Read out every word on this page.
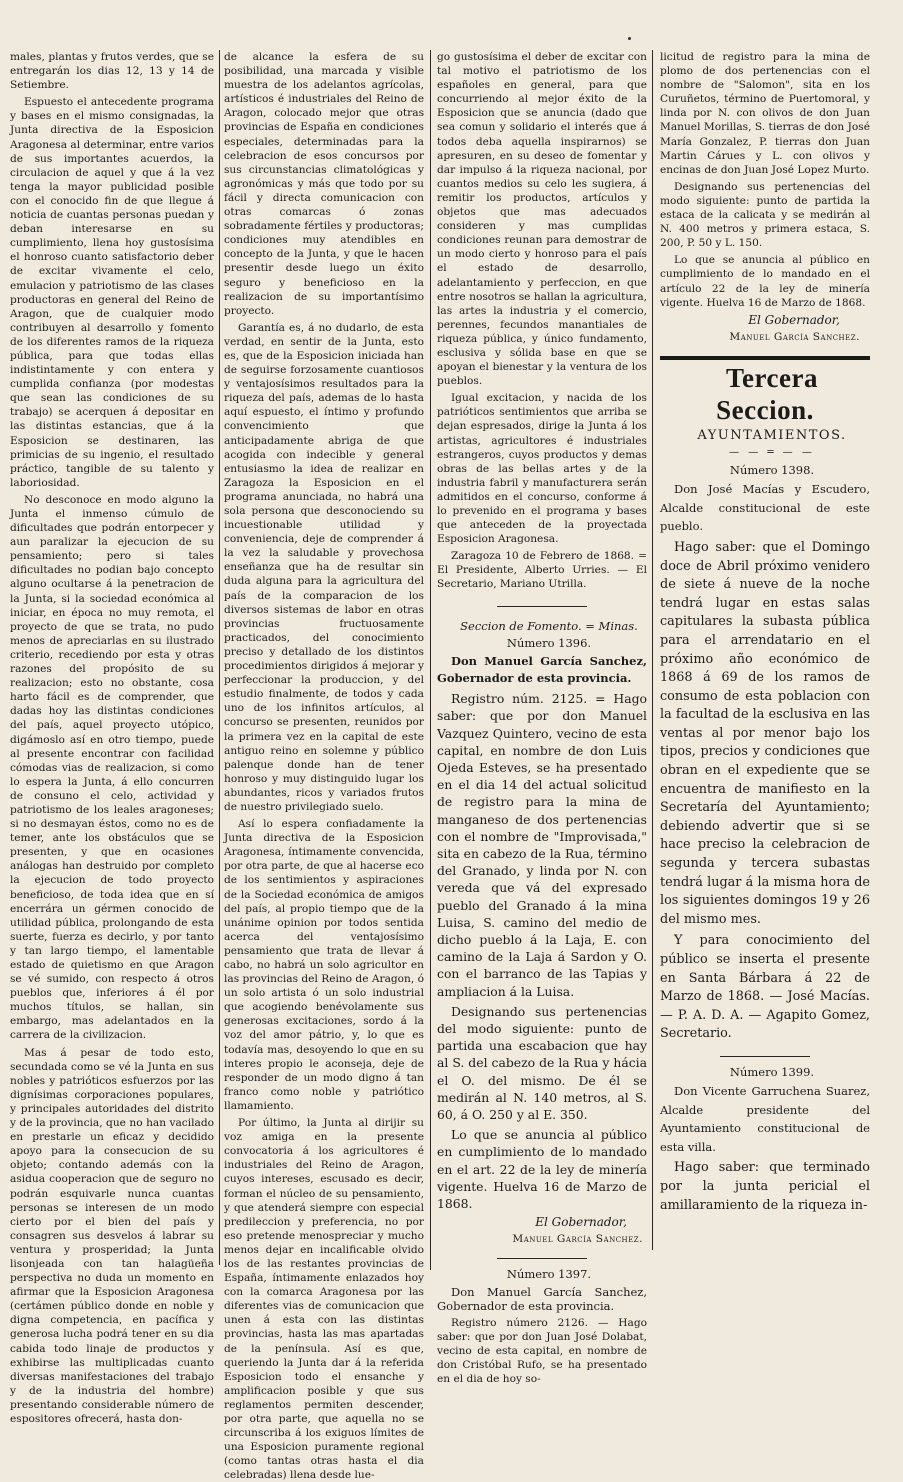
males, plantas y frutos verdes, que se entregarán los dias 12, 13 y 14 de Setiembre.

Espuesto el antecedente programa y bases en el mismo consignadas, la Junta directiva de la Esposicion Aragonesa al determinar, entre varios de sus importantes acuerdos, la circulacion de aquel y que á la vez tenga la mayor publicidad posible con el conocido fin de que llegue á noticia de cuantas personas puedan y deban interesarse en su cumplimiento, llena hoy gustosísima el honroso cuanto satisfactorio deber de excitar vivamente el celo, emulacion y patriotismo de las clases productoras en general del Reino de Aragon, que de cualquier modo contribuyen al desarrollo y fomento de los diferentes ramos de la riqueza pública, para que todas ellas indistintamente y con entera y cumplida confianza (por modestas que sean las condiciones de su trabajo) se acerquen á depositar en las distintas estancias, que á la Esposicion se destinaren, las primicias de su ingenio, el resultado práctico, tangible de su talento y laboriosidad.

No desconoce en modo alguno la Junta el inmenso cúmulo de dificultades que podrán entorpecer y aun paralizar la ejecucion de su pensamiento; pero si tales dificultades no podian bajo concepto alguno ocultarse á la penetracion de la Junta, si la sociedad económica al iniciar, en época no muy remota, el proyecto de que se trata, no pudo menos de apreciarlas en su ilustrado criterio, recediendo por esta y otras razones del propósito de su realizacion; esto no obstante, cosa harto fácil es de comprender, que dadas hoy las distintas condiciones del país, aquel proyecto utópico, digámoslo así en otro tiempo, puede al presente encontrar con facilidad cómodas vias de realizacion, si como lo espera la Junta, á ello concurren de consuno el celo, actividad y patriotismo de los leales aragoneses; si no desmayan éstos, como no es de temer, ante los obstáculos que se presenten, y que en ocasiones análogas han destruido por completo la ejecucion de todo proyecto beneficioso, de toda idea que en sí encerrára un gérmen conocido de utilidad pública, prolongando de esta suerte, fuerza es decirlo, y por tanto y tan largo tiempo, el lamentable estado de quietismo en que Aragon se vé sumido, con respecto á otros pueblos que, inferiores á él por muchos títulos, se hallan, sin embargo, mas adelantados en la carrera de la civilizacion.

Mas á pesar de todo esto, secundada como se vé la Junta en sus nobles y patrióticos esfuerzos por las dignísimas corporaciones populares, y principales autoridades del distrito y de la provincia, que no han vacilado en prestarle un eficaz y decidido apoyo para la consecucion de su objeto; contando además con la asidua cooperacion que de seguro no podrán esquivarle nunca cuantas personas se interesen de un modo cierto por el bien del país y consagren sus desvelos á labrar su ventura y prosperidad; la Junta lisonjeada con tan halagüeña perspectiva no duda un momento en afirmar que la Esposicion Aragonesa (certámen público donde en noble y digna competencia, en pacífica y generosa lucha podrá tener en su dia cabida todo linaje de productos y exhibirse las multiplicadas cuanto diversas manifestaciones del trabajo y de la industria del hombre) presentando considerable número de espositores ofrecerá, hasta don-

de alcance la esfera de su posibilidad, una marcada y visible muestra de los adelantos agrícolas, artísticos é industriales del Reino de Aragon, colocado mejor que otras provincias de España en condiciones especiales, determinadas para la celebracion de esos concursos por sus circunstancias climatológicas y agronómicas y más que todo por su fácil y directa comunicacion con otras comarcas ó zonas sobradamente fértiles y productoras; condiciones muy atendibles en concepto de la Junta, y que le hacen presentir desde luego un éxito seguro y beneficioso en la realizacion de su importantísimo proyecto.

Garantía es, á no dudarlo, de esta verdad, en sentir de la Junta, esto es, que de la Esposicion iniciada han de seguirse forzosamente cuantiosos y ventajosísimos resultados para la riqueza del país, ademas de lo hasta aquí espuesto, el íntimo y profundo convencimiento que anticipadamente abriga de que acogida con indecible y general entusiasmo la idea de realizar en Zaragoza la Esposicion en el programa anunciada, no habrá una sola persona que desconociendo su incuestionable utilidad y conveniencia, deje de comprender á la vez la saludable y provechosa enseñanza que ha de resultar sin duda alguna para la agricultura del país de la comparacion de los diversos sistemas de labor en otras provincias fructuosamente practicados, del conocimiento preciso y detallado de los distintos procedimientos dirigidos á mejorar y perfeccionar la produccion, y del estudio finalmente, de todos y cada uno de los infinitos artículos, al concurso se presenten, reunidos por la primera vez en la capital de este antiguo reino en solemne y público palenque donde han de tener honroso y muy distinguido lugar los abundantes, ricos y variados frutos de nuestro privilegiado suelo.

Así lo espera confiadamente la Junta directiva de la Esposicion Aragonesa, íntimamente convencida, por otra parte, de que al hacerse eco de los sentimientos y aspiraciones de la Sociedad económica de amigos del país, al propio tiempo que de la unánime opinion por todos sentida acerca del ventajosísimo pensamiento que trata de llevar á cabo, no habrá un solo agricultor en las provincias del Reino de Aragon, ó un solo artista ó un solo industrial que acogiendo benévolamente sus generosas excitaciones, sordo á la voz del amor pátrio, y, lo que es todavía mas, desoyendo lo que en su interes propio le aconseja, deje de responder de un modo digno á tan franco como noble y patriótico llamamiento.

Por último, la Junta al dirijir su voz amiga en la presente convocatoria á los agricultores é industriales del Reino de Aragon, cuyos intereses, escusado es decir, forman el núcleo de su pensamiento, y que atenderá siempre con especial predileccion y preferencia, no por eso pretende menospreciar y mucho menos dejar en incalificable olvido los de las restantes provincias de España, íntimamente enlazados hoy con la comarca Aragonesa por las diferentes vias de comunicacion que unen á esta con las distintas provincias, hasta las mas apartadas de la península. Así es que, queriendo la Junta dar á la referida Esposicion todo el ensanche y amplificacion posible y que sus reglamentos permiten descender, por otra parte, que aquella no se circunscriba á los exiguos límites de una Esposicion puramente regional (como tantas otras hasta el dia celebradas) llena desde lue-

go gustosísima el deber de excitar con tal motivo el patriotismo de los españoles en general, para que concurriendo al mejor éxito de la Esposicion que se anuncia (dado que sea comun y solidario el interés que á todos deba aquella inspirarnos) se apresuren, en su deseo de fomentar y dar impulso á la riqueza nacional, por cuantos medios su celo les sugiera, á remitir los productos, artículos y objetos que mas adecuados consideren y mas cumplidas condiciones reunan para demostrar de un modo cierto y honroso para el país el estado de desarrollo, adelantamiento y perfeccion, en que entre nosotros se hallan la agricultura, las artes la industria y el comercio, perennes, fecundos manantiales de riqueza pública, y único fundamento, esclusiva y sólida base en que se apoyan el bienestar y la ventura de los pueblos.

Igual excitacion, y nacida de los patrióticos sentimientos que arriba se dejan espresados, dirige la Junta á los artistas, agricultores é industriales estrangeros, cuyos productos y demas obras de las bellas artes y de la industria fabril y manufacturera serán admitidos en el concurso, conforme á lo prevenido en el programa y bases que anteceden de la proyectada Esposicion Aragonesa.

Zaragoza 10 de Febrero de 1868. = El Presidente, Alberto Urries. — El Secretario, Mariano Utrilla.

Seccion de Fomento. = Minas.

Número 1396.

Don Manuel García Sanchez, Gobernador de esta provincia.

Registro núm. 2125. = Hago saber: que por don Manuel Vazquez Quintero, vecino de esta capital, en nombre de don Luis Ojeda Esteves, se ha presentado en el dia 14 del actual solicitud de registro para la mina de manganeso de dos pertenencias con el nombre de "Improvisada," sita en cabezo de la Rua, término del Granado, y linda por N. con vereda que vá del expresado pueblo del Granado á la mina Luisa, S. camino del medio de dicho pueblo á la Laja, E. con camino de la Laja á Sardon y O. con el barranco de las Tapias y ampliacion á la Luisa.

Designando sus pertenencias del modo siguiente: punto de partida una escabacion que hay al S. del cabezo de la Rua y hácia el O. del mismo. De él se medirán al N. 140 metros, al S. 60, á O. 250 y al E. 350.

Lo que se anuncia al público en cumplimiento de lo mandado en el art. 22 de la ley de minería vigente. Huelva 16 de Marzo de 1868.

El Gobernador,

Manuel García Sanchez.

Número 1397.

Don Manuel García Sanchez, Gobernador de esta provincia.

Registro número 2126. — Hago saber: que por don Juan José Dolabat, vecino de esta capital, en nombre de don Cristóbal Rufo, se ha presentado en el dia de hoy so-

licitud de registro para la mina de plomo de dos pertenencias con el nombre de "Salomon", sita en los Curuñetos, término de Puertomoral, y linda por N. con olivos de don Juan Manuel Morillas, S. tierras de don José María Gonzalez, P. tierras don Juan Martin Cárues y L. con olivos y encinas de don Juan José Lopez Murto.

Designando sus pertenencias del modo siguiente: punto de partida la estaca de la calicata y se medirán al N. 400 metros y primera estaca, S. 200, P. 50 y L. 150.

Lo que se anuncia al público en cumplimiento de lo mandado en el artículo 22 de la ley de minería vigente. Huelva 16 de Marzo de 1868.

El Gobernador,

Manuel García Sanchez.

Tercera Seccion.

AYUNTAMIENTOS.

— — ═ — —

Número 1398.

Don José Macías y Escudero, Alcalde constitucional de este pueblo.

Hago saber: que el Domingo doce de Abril próximo venidero de siete á nueve de la noche tendrá lugar en estas salas capitulares la subasta pública para el arrendatario en el próximo año económico de 1868 á 69 de los ramos de consumo de esta poblacion con la facultad de la esclusiva en las ventas al por menor bajo los tipos, precios y condiciones que obran en el expediente que se encuentra de manifiesto en la Secretaría del Ayuntamiento; debiendo advertir que si se hace preciso la celebracion de segunda y tercera subastas tendrá lugar á la misma hora de los siguientes domingos 19 y 26 del mismo mes.

Y para conocimiento del público se inserta el presente en Santa Bárbara á 22 de Marzo de 1868. — José Macías. — P. A. D. A. — Agapito Gomez, Secretario.

Número 1399.

Don Vicente Garruchena Suarez, Alcalde presidente del Ayuntamiento constitucional de esta villa.

Hago saber: que terminado por la junta pericial el amillaramiento de la riqueza in-
